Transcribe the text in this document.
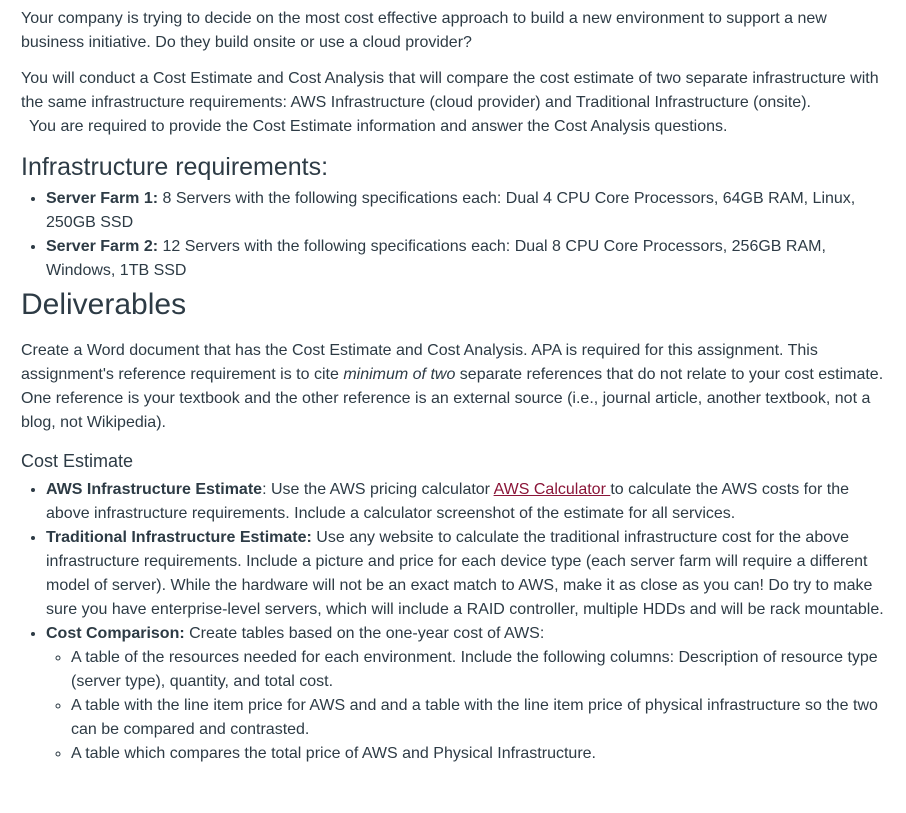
Your company is trying to decide on the most cost effective approach to build a new environment to support a new business initiative. Do they build onsite or use a cloud provider?

You will conduct a Cost Estimate and Cost Analysis that will compare the cost estimate of two separate infrastructure with the same infrastructure requirements: AWS Infrastructure (cloud provider) and Traditional Infrastructure (onsite).
You are required to provide the Cost Estimate information and answer the Cost Analysis questions.

Infrastructure requirements:
• Server Farm 1: 8 Servers with the following specifications each: Dual 4 CPU Core Processors, 64GB RAM, Linux, 250GB SSD
• Server Farm 2: 12 Servers with the following specifications each: Dual 8 CPU Core Processors, 256GB RAM, Windows, 1TB SSD
Deliverables

Create a Word document that has the Cost Estimate and Cost Analysis. APA is required for this assignment. This assignment's reference requirement is to cite minimum of two separate references that do not relate to your cost estimate. One reference is your textbook and the other reference is an external source (i.e., journal article, another textbook, not a blog, not Wikipedia).

Cost Estimate
• AWS Infrastructure Estimate: Use the AWS pricing calculator AWS Calculator to calculate the AWS costs for the above infrastructure requirements. Include a calculator screenshot of the estimate for all services.
• Traditional Infrastructure Estimate: Use any website to calculate the traditional infrastructure cost for the above infrastructure requirements. Include a picture and price for each device type (each server farm will require a different model of server). While the hardware will not be an exact match to AWS, make it as close as you can! Do try to make sure you have enterprise-level servers, which will include a RAID controller, multiple HDDs and will be rack mountable.
• Cost Comparison: Create tables based on the one-year cost of AWS:
◦ A table of the resources needed for each environment. Include the following columns: Description of resource type (server type), quantity, and total cost.
◦ A table with the line item price for AWS and and a table with the line item price of physical infrastructure so the two can be compared and contrasted.
◦ A table which compares the total price of AWS and Physical Infrastructure.
